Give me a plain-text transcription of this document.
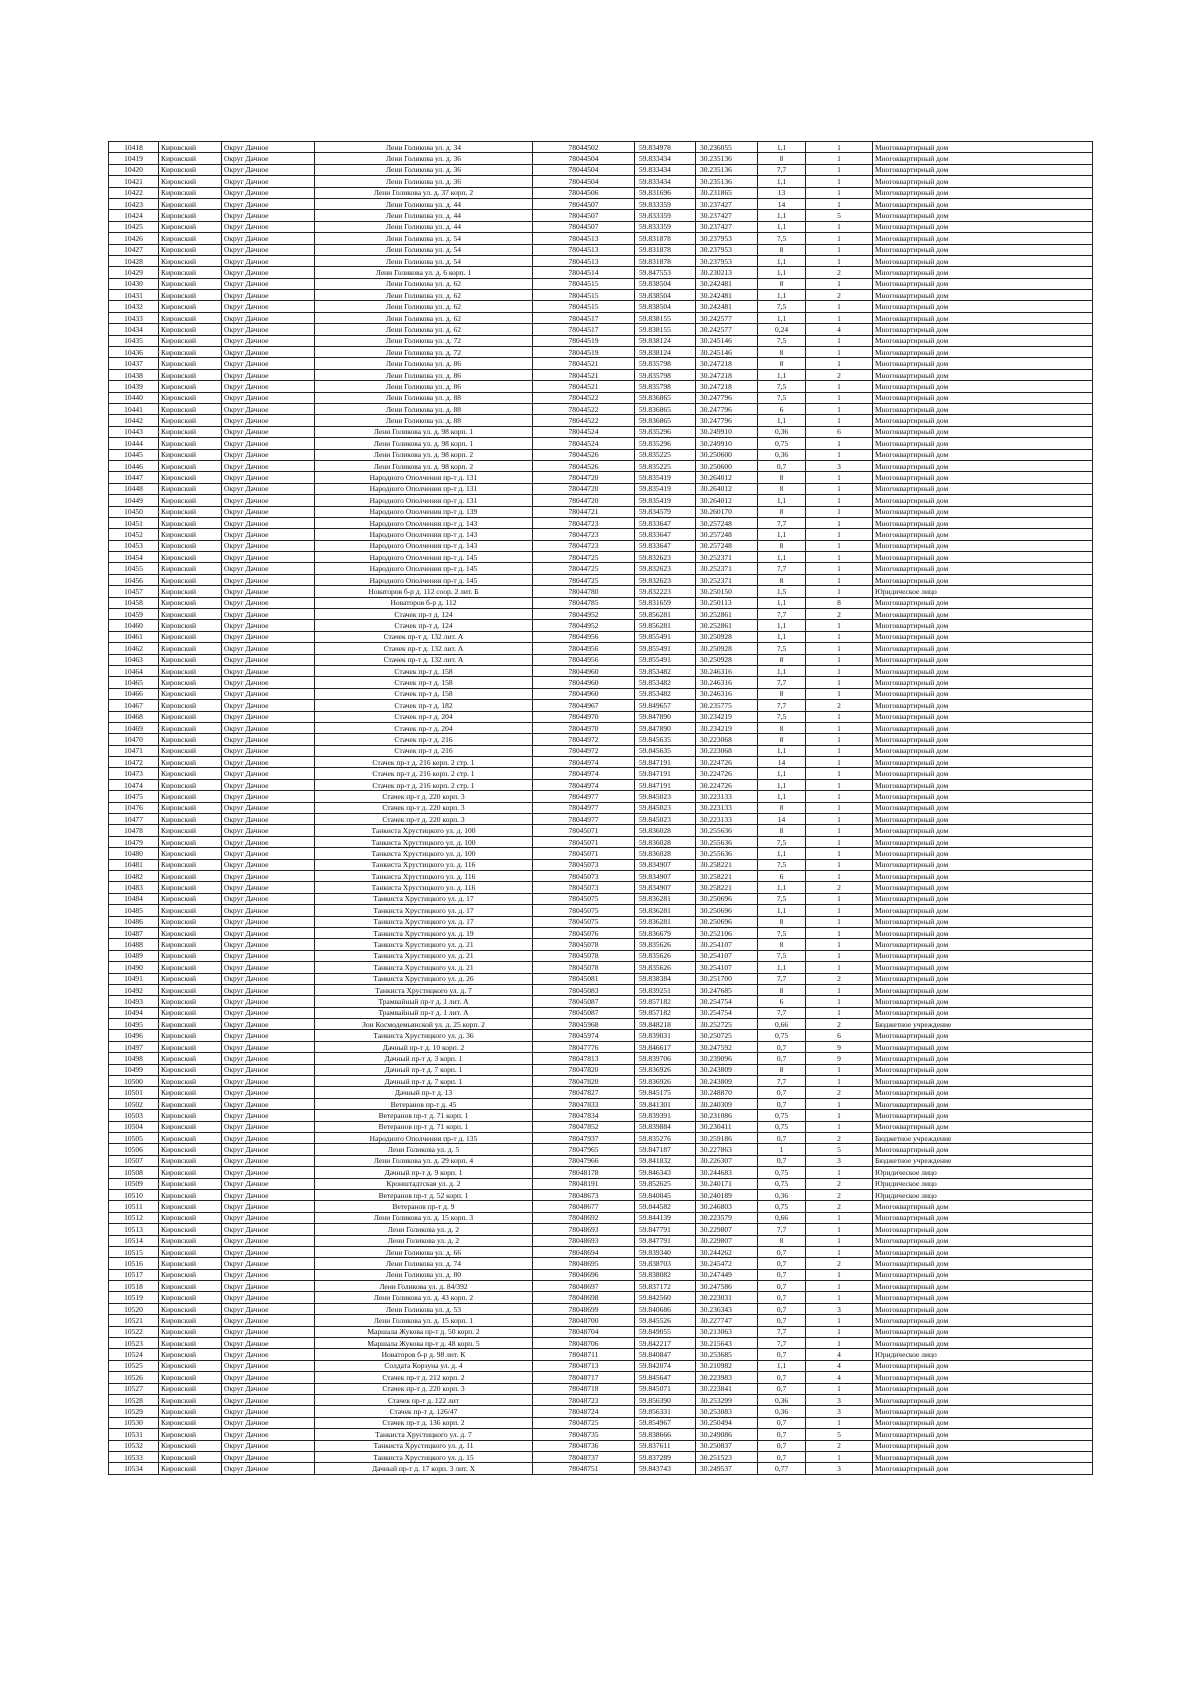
10418	Кировский	Округ Дачное	Лени Голикова ул. д. 34	78044502	59.834978	30.236055	1,1	1	Многоквартирный дом
10419	Кировский	Округ Дачное	Лени Голикова ул. д. 36	78044504	59.833434	30.235136	8	1	Многоквартирный дом
10420	Кировский	Округ Дачное	Лени Голикова ул. д. 36	78044504	59.833434	30.235136	7,7	1	Многоквартирный дом
10421	Кировский	Округ Дачное	Лени Голикова ул. д. 36	78044504	59.833434	30.235136	1,1	1	Многоквартирный дом
10422	Кировский	Округ Дачное	Лени Голикова ул. д. 37 корп. 2	78044506	59.831696	30.231865	13	1	Многоквартирный дом
10423	Кировский	Округ Дачное	Лени Голикова ул. д. 44	78044507	59.833359	30.237427	14	1	Многоквартирный дом
10424	Кировский	Округ Дачное	Лени Голикова ул. д. 44	78044507	59.833359	30.237427	1,1	5	Многоквартирный дом
10425	Кировский	Округ Дачное	Лени Голикова ул. д. 44	78044507	59.833359	30.237427	1,1	1	Многоквартирный дом
10426	Кировский	Округ Дачное	Лени Голикова ул. д. 54	78044513	59.831878	30.237953	7,5	1	Многоквартирный дом
10427	Кировский	Округ Дачное	Лени Голикова ул. д. 54	78044513	59.831878	30.237953	8	1	Многоквартирный дом
10428	Кировский	Округ Дачное	Лени Голикова ул. д. 54	78044513	59.831878	30.237953	1,1	1	Многоквартирный дом
10429	Кировский	Округ Дачное	Лени Голикова ул. д. 6 корп. 1	78044514	59.847553	30.230213	1,1	2	Многоквартирный дом
10430	Кировский	Округ Дачное	Лени Голикова ул. д. 62	78044515	59.838504	30.242481	8	1	Многоквартирный дом
10431	Кировский	Округ Дачное	Лени Голикова ул. д. 62	78044515	59.838504	30.242481	1,1	2	Многоквартирный дом
10432	Кировский	Округ Дачное	Лени Голикова ул. д. 62	78044515	59.838504	30.242481	7,5	1	Многоквартирный дом
10433	Кировский	Округ Дачное	Лени Голикова ул. д. 62	78044517	59.838155	30.242577	1,1	1	Многоквартирный дом
10434	Кировский	Округ Дачное	Лени Голикова ул. д. 62	78044517	59.838155	30.242577	0,24	4	Многоквартирный дом
10435	Кировский	Округ Дачное	Лени Голикова ул. д. 72	78044519	59.838124	30.245146	7,5	1	Многоквартирный дом
10436	Кировский	Округ Дачное	Лени Голикова ул. д. 72	78044519	59.838124	30.245146	8	1	Многоквартирный дом
10437	Кировский	Округ Дачное	Лени Голикова ул. д. 86	78044521	59.835798	30.247218	8	1	Многоквартирный дом
10438	Кировский	Округ Дачное	Лени Голикова ул. д. 86	78044521	59.835798	30.247218	1,1	2	Многоквартирный дом
10439	Кировский	Округ Дачное	Лени Голикова ул. д. 86	78044521	59.835798	30.247218	7,5	1	Многоквартирный дом
10440	Кировский	Округ Дачное	Лени Голикова ул. д. 88	78044522	59.836865	30.247796	7,5	1	Многоквартирный дом
10441	Кировский	Округ Дачное	Лени Голикова ул. д. 88	78044522	59.836865	30.247796	6	1	Многоквартирный дом
10442	Кировский	Округ Дачное	Лени Голикова ул. д. 88	78044522	59.836865	30.247796	1,1	1	Многоквартирный дом
10443	Кировский	Округ Дачное	Лени Голикова ул. д. 98 корп. 1	78044524	59.835296	30.249910	0,36	6	Многоквартирный дом
10444	Кировский	Округ Дачное	Лени Голикова ул. д. 98 корп. 1	78044524	59.835296	30.249910	0,75	1	Многоквартирный дом
10445	Кировский	Округ Дачное	Лени Голикова ул. д. 98 корп. 2	78044526	59.835225	30.250600	0,36	1	Многоквартирный дом
10446	Кировский	Округ Дачное	Лени Голикова ул. д. 98 корп. 2	78044526	59.835225	30.250600	0,7	3	Многоквартирный дом
10447	Кировский	Округ Дачное	Народного Ополчения пр-т д. 131	78044720	59.835419	30.264012	8	1	Многоквартирный дом
10448	Кировский	Округ Дачное	Народного Ополчения пр-т д. 131	78044720	59.835419	30.264012	8	1	Многоквартирный дом
10449	Кировский	Округ Дачное	Народного Ополчения пр-т д. 131	78044720	59.835419	30.264012	1,1	1	Многоквартирный дом
10450	Кировский	Округ Дачное	Народного Ополчения пр-т д. 139	78044721	59.834579	30.260170	8	1	Многоквартирный дом
10451	Кировский	Округ Дачное	Народного Ополчения пр-т д. 143	78044723	59.833647	30.257248	7,7	1	Многоквартирный дом
10452	Кировский	Округ Дачное	Народного Ополчения пр-т д. 143	78044723	59.833647	30.257248	1,1	1	Многоквартирный дом
10453	Кировский	Округ Дачное	Народного Ополчения пр-т д. 143	78044723	59.833647	30.257248	8	1	Многоквартирный дом
10454	Кировский	Округ Дачное	Народного Ополчения пр-т д. 145	78044725	59.832623	30.252371	1,1	1	Многоквартирный дом
10455	Кировский	Округ Дачное	Народного Ополчения пр-т д. 145	78044725	59.832623	30.252371	7,7	1	Многоквартирный дом
10456	Кировский	Округ Дачное	Народного Ополчения пр-т д. 145	78044725	59.832623	30.252371	8	1	Многоквартирный дом
10457	Кировский	Округ Дачное	Новаторов б-р д. 112 соор. 2 лит. Б	78044780	59.832223	30.250150	1,5	1	Юридическое лицо
10458	Кировский	Округ Дачное	Новаторов б-р д. 112	78044785	59.831659	30.250113	1,1	8	Многоквартирный дом
10459	Кировский	Округ Дачное	Стачек пр-т д. 124	78044952	59.856281	30.252861	7,7	2	Многоквартирный дом
10460	Кировский	Округ Дачное	Стачек пр-т д. 124	78044952	59.856281	30.252861	1,1	1	Многоквартирный дом
10461	Кировский	Округ Дачное	Стачек пр-т д. 132 лит. А	78044956	59.855491	30.250928	1,1	1	Многоквартирный дом
10462	Кировский	Округ Дачное	Стачек пр-т д. 132 лит. А	78044956	59.855491	30.250928	7,5	1	Многоквартирный дом
10463	Кировский	Округ Дачное	Стачек пр-т д. 132 лит. А	78044956	59.855491	30.250928	8	1	Многоквартирный дом
10464	Кировский	Округ Дачное	Стачек пр-т д. 158	78044960	59.853482	30.246316	1,1	1	Многоквартирный дом
10465	Кировский	Округ Дачное	Стачек пр-т д. 158	78044960	59.853482	30.246316	7,7	1	Многоквартирный дом
10466	Кировский	Округ Дачное	Стачек пр-т д. 158	78044960	59.853482	30.246316	8	1	Многоквартирный дом
10467	Кировский	Округ Дачное	Стачек пр-т д. 182	78044967	59.849657	30.235775	7,7	2	Многоквартирный дом
10468	Кировский	Округ Дачное	Стачек пр-т д. 204	78044970	59.847890	30.234219	7,5	1	Многоквартирный дом
10469	Кировский	Округ Дачное	Стачек пр-т д. 204	78044970	59.847890	30.234219	8	1	Многоквартирный дом
10470	Кировский	Округ Дачное	Стачек пр-т д. 216	78044972	59.845635	30.223068	8	1	Многоквартирный дом
10471	Кировский	Округ Дачное	Стачек пр-т д. 216	78044972	59.845635	30.223068	1,1	1	Многоквартирный дом
10472	Кировский	Округ Дачное	Стачек пр-т д. 216 корп. 2 стр. 1	78044974	59.847191	30.224726	14	1	Многоквартирный дом
10473	Кировский	Округ Дачное	Стачек пр-т д. 216 корп. 2 стр. 1	78044974	59.847191	30.224726	1,1	1	Многоквартирный дом
10474	Кировский	Округ Дачное	Стачек пр-т д. 216 корп. 2 стр. 1	78044974	59.847191	30.224726	1,1	1	Многоквартирный дом
10475	Кировский	Округ Дачное	Стачек пр-т д. 220 корп. 3	78044977	59.845023	30.223133	1,1	1	Многоквартирный дом
10476	Кировский	Округ Дачное	Стачек пр-т д. 220 корп. 3	78044977	59.845023	30.223133	8	1	Многоквартирный дом
10477	Кировский	Округ Дачное	Стачек пр-т д. 220 корп. 3	78044977	59.845023	30.223133	14	1	Многоквартирный дом
10478	Кировский	Округ Дачное	Танкиста Хрустицкого ул. д. 100	78045071	59.836028	30.255636	8	1	Многоквартирный дом
10479	Кировский	Округ Дачное	Танкиста Хрустицкого ул. д. 100	78045071	59.836028	30.255636	7,5	1	Многоквартирный дом
10480	Кировский	Округ Дачное	Танкиста Хрустицкого ул. д. 100	78045071	59.836028	30.255636	1,1	1	Многоквартирный дом
10481	Кировский	Округ Дачное	Танкиста Хрустицкого ул. д. 116	78045073	59.834907	30.258221	7,5	1	Многоквартирный дом
10482	Кировский	Округ Дачное	Танкиста Хрустицкого ул. д. 116	78045073	59.834907	30.258221	6	1	Многоквартирный дом
10483	Кировский	Округ Дачное	Танкиста Хрустицкого ул. д. 116	78045073	59.834907	30.258221	1,1	2	Многоквартирный дом
10484	Кировский	Округ Дачное	Танкиста Хрустицкого ул. д. 17	78045075	59.836281	30.250696	7,5	1	Многоквартирный дом
10485	Кировский	Округ Дачное	Танкиста Хрустицкого ул. д. 17	78045075	59.836281	30.250696	1,1	1	Многоквартирный дом
10486	Кировский	Округ Дачное	Танкиста Хрустицкого ул. д. 17	78045075	59.836281	30.250696	8	1	Многоквартирный дом
10487	Кировский	Округ Дачное	Танкиста Хрустицкого ул. д. 19	78045076	59.836679	30.252106	7,5	1	Многоквартирный дом
10488	Кировский	Округ Дачное	Танкиста Хрустицкого ул. д. 21	78045078	59.835626	30.254107	8	1	Многоквартирный дом
10489	Кировский	Округ Дачное	Танкиста Хрустицкого ул. д. 21	78045078	59.835626	30.254107	7,5	1	Многоквартирный дом
10490	Кировский	Округ Дачное	Танкиста Хрустицкого ул. д. 21	78045078	59.835626	30.254107	1,1	1	Многоквартирный дом
10491	Кировский	Округ Дачное	Танкиста Хрустицкого ул. д. 26	78045081	59.838384	30.251700	7,7	2	Многоквартирный дом
10492	Кировский	Округ Дачное	Танкиста Хрустицкого ул. д. 7	78045083	59.839251	30.247685	8	1	Многоквартирный дом
10493	Кировский	Округ Дачное	Трамвайный пр-т д. 1 лит. А	78045087	59.857182	30.254754	6	1	Многоквартирный дом
10494	Кировский	Округ Дачное	Трамвайный пр-т д. 1 лит. А	78045087	59.857182	30.254754	7,7	1	Многоквартирный дом
10495	Кировский	Округ Дачное	Зои Космодемьянской ул. д. 25 корп. 2	78045968	59.848218	30.252725	0,66	2	Бюджетное учреждение
10496	Кировский	Округ Дачное	Танкиста Хрустицкого ул. д. 36	78045974	59.839031	30.250725	0,75	6	Многоквартирный дом
10497	Кировский	Округ Дачное	Дачный пр-т д. 10 корп. 2	78047776	59.846617	30.247592	0,7	9	Многоквартирный дом
10498	Кировский	Округ Дачное	Дачный пр-т д. 3 корп. 1	78047813	59.839706	30.239096	0,7	9	Многоквартирный дом
10499	Кировский	Округ Дачное	Дачный пр-т д. 7 корп. 1	78047820	59.836926	30.243809	8	1	Многоквартирный дом
10500	Кировский	Округ Дачное	Дачный пр-т д. 7 корп. 1	78047820	59.836926	30.243809	7,7	1	Многоквартирный дом
10501	Кировский	Округ Дачное	Дачный пр-т д. 13	78047827	59.845175	30.248870	0,7	2	Многоквартирный дом
10502	Кировский	Округ Дачное	Ветеранов пр-т д. 45	78047833	59.841301	30.240309	0,7	1	Многоквартирный дом
10503	Кировский	Округ Дачное	Ветеранов пр-т д. 71 корп. 1	78047834	59.839391	30.231086	0,75	1	Многоквартирный дом
10504	Кировский	Округ Дачное	Ветеранов пр-т д. 71 корп. 1	78047852	59.839884	30.230411	0,75	1	Многоквартирный дом
10505	Кировский	Округ Дачное	Народного Ополчения пр-т д. 135	78047937	59.835276	30.259186	0,7	2	Бюджетное учреждение
10506	Кировский	Округ Дачное	Лени Голикова ул. д. 5	78047965	59.847187	30.227863	1	5	Многоквартирный дом
10507	Кировский	Округ Дачное	Лени Голикова ул. д. 29 корп. 4	78047966	59.841832	30.226307	0,7	3	Бюджетное учреждение
10508	Кировский	Округ Дачное	Дачный пр-т д. 9 корп. 1	78048178	59.846343	30.244683	0,75	1	Юридическое лицо
10509	Кировский	Округ Дачное	Кронштадтская ул. д. 2	78048191	59.852625	30.240171	0,75	2	Юридическое лицо
10510	Кировский	Округ Дачное	Ветеранов пр-т д. 52 корп. 1	78048673	59.840045	30.240189	0,36	2	Юридическое лицо
10511	Кировский	Округ Дачное	Ветеранов пр-т д. 9	78048677	59.844582	30.246803	0,75	2	Многоквартирный дом
10512	Кировский	Округ Дачное	Лени Голикова ул. д. 15 корп. 3	78048692	59.844139	30.223579	0,66	1	Многоквартирный дом
10513	Кировский	Округ Дачное	Лени Голикова ул. д. 2	78048693	59.847791	30.229807	7,7	1	Многоквартирный дом
10514	Кировский	Округ Дачное	Лени Голикова ул. д. 2	78048693	59.847791	30.229807	8	1	Многоквартирный дом
10515	Кировский	Округ Дачное	Лени Голикова ул. д. 66	78048694	59.839340	30.244262	0,7	1	Многоквартирный дом
10516	Кировский	Округ Дачное	Лени Голикова ул. д. 74	78048695	59.838703	30.245472	0,7	2	Многоквартирный дом
10517	Кировский	Округ Дачное	Лени Голикова ул. д. 80	78048696	59.838082	30.247449	0,7	1	Многоквартирный дом
10518	Кировский	Округ Дачное	Лени Голикова ул. д. 84/392	78048697	59.837172	30.247586	0,7	1	Многоквартирный дом
10519	Кировский	Округ Дачное	Лени Голикова ул. д. 43 корп. 2	78048698	59.842560	30.223031	0,7	1	Многоквартирный дом
10520	Кировский	Округ Дачное	Лени Голикова ул. д. 53	78048699	59.840686	30.236343	0,7	3	Многоквартирный дом
10521	Кировский	Округ Дачное	Лени Голикова ул. д. 15 корп. 1	78048700	59.845526	30.227747	0,7	1	Многоквартирный дом
10522	Кировский	Округ Дачное	Маршала Жукова пр-т д. 50 корп. 2	78048704	59.849055	30.213063	7,7	1	Многоквартирный дом
10523	Кировский	Округ Дачное	Маршала Жукова пр-т д. 48 корп. 5	78048706	59.842217	30.215643	7,7	1	Многоквартирный дом
10524	Кировский	Округ Дачное	Новаторов б-р д. 98 лит. К	78048711	59.840847	30.253685	0,7	4	Юридическое лицо
10525	Кировский	Округ Дачное	Солдата Корзуна ул. д. 4	78048713	59.842074	30.210982	1,1	4	Многоквартирный дом
10526	Кировский	Округ Дачное	Стачек пр-т д. 212 корп. 2	78048717	59.845647	30.223983	0,7	4	Многоквартирный дом
10527	Кировский	Округ Дачное	Стачек пр-т д. 220 корп. 3	78048718	59.845071	30.223841	0,7	1	Многоквартирный дом
10528	Кировский	Округ Дачное	Стачек пр-т д. 122 лит	78048723	59.856390	30.253299	0,36	3	Многоквартирный дом
10529	Кировский	Округ Дачное	Стачек пр-т д. 126/47	78048724	59.856331	30.253083	0,36	3	Многоквартирный дом
10530	Кировский	Округ Дачное	Стачек пр-т д. 136 корп. 2	78048725	59.854967	30.250494	0,7	1	Многоквартирный дом
10531	Кировский	Округ Дачное	Танкиста Хрустицкого ул. д. 7	78048735	59.838666	30.249086	0,7	5	Многоквартирный дом
10532	Кировский	Округ Дачное	Танкиста Хрустицкого ул. д. 11	78048736	59.837611	30.250837	0,7	2	Многоквартирный дом
10533	Кировский	Округ Дачное	Танкиста Хрустицкого ул. д. 15	78048737	59.837289	30.251523	0,7	1	Многоквартирный дом
10534	Кировский	Округ Дачное	Дачный пр-т д. 17 корп. 3 лит. Х	78048751	59.843743	30.249537	0,77	3	Многоквартирный дом
